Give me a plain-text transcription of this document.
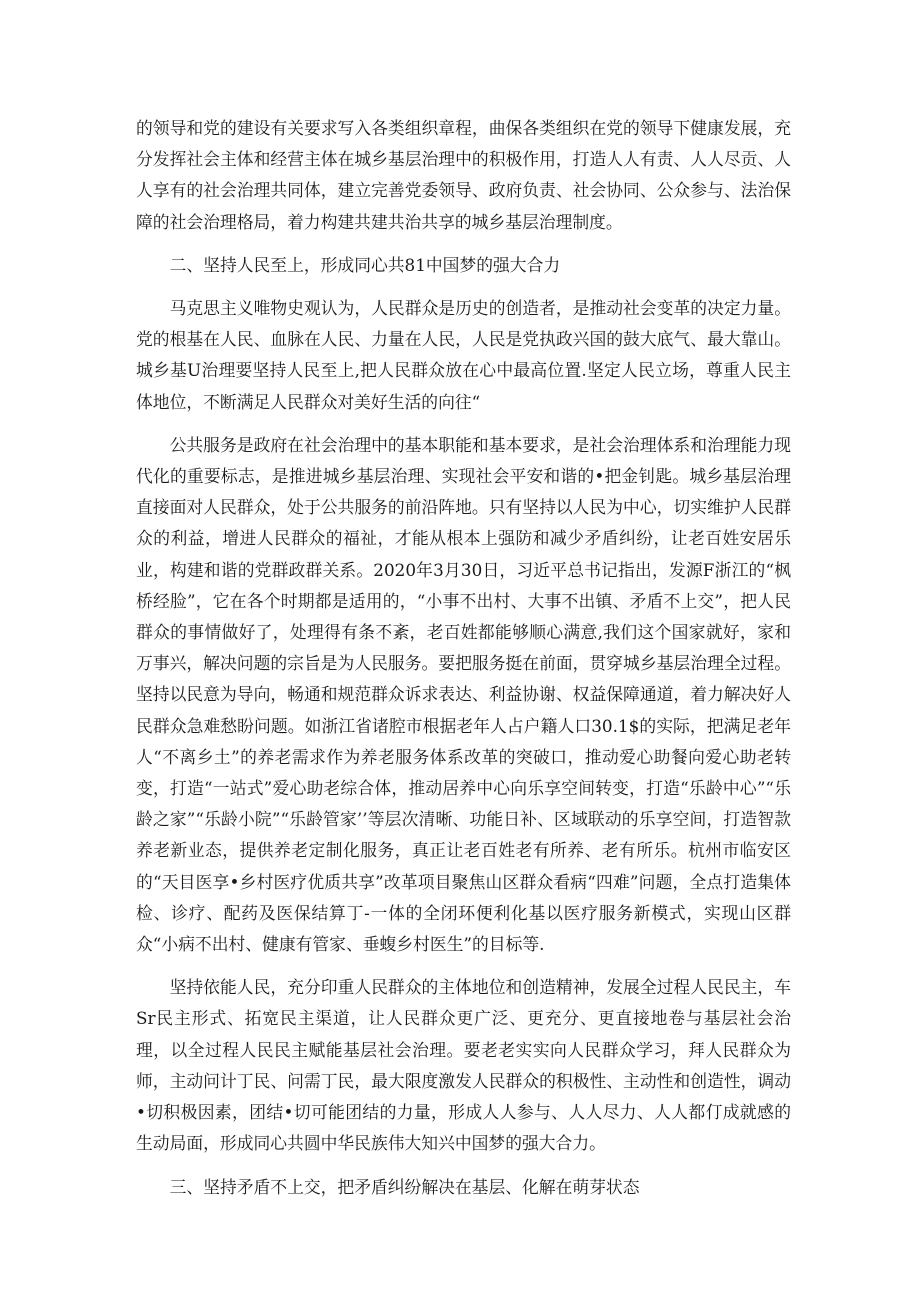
的领导和党的建设有关要求写入各类组织章程，曲保各类组织在党的领导下健康发展，充分发挥社会主体和经营主体在城乡基层治理中的积极作用，打造人人有责、人人尽贡、人人享有的社会治理共同体，建立完善党委领导、政府负责、社会协同、公众参与、法治保障的社会治理格局，着力构建共建共治共享的城乡基层治理制度。

二、坚持人民至上，形成同心共81中国梦的强大合力

马克思主义唯物史观认为，人民群众是历史的创造者，是推动社会变革的决定力量。党的根基在人民、血脉在人民、力量在人民，人民是党执政兴国的鼓大底气、最大靠山。城乡基U治理要坚持人民至上,把人民群众放在心中最高位置.坚定人民立场，尊重人民主体地位，不断满足人民群众对美好生活的向往“

公共服务是政府在社会治理中的基本职能和基本要求，是社会治理体系和治理能力现代化的重要标志，是推进城乡基层治理、实现社会平安和谐的•把金钊匙。城乡基层治理直接面对人民群众，处于公共服务的前沿阵地。只有坚持以人民为中心，切实维护人民群众的利益，增进人民群众的福祉，才能从根本上强防和减少矛盾纠纷，让老百姓安居乐业，构建和谐的党群政群关系。2020年3月30日，习近平总书记指出，发源F浙江的“枫桥经脸”，它在各个时期都是适用的，“小事不出村、大事不出镇、矛盾不上交”，把人民群众的事情做好了，处理得有条不紊，老百姓都能够顺心满意,我们这个国家就好，家和万事兴，解决问题的宗旨是为人民服务。要把服务挺在前面，贯穿城乡基层治理全过程。坚持以民意为导向，畅通和规范群众诉求表达、利益协谢、权益保障通道，着力解决好人民群众急难愁盼问题。如浙江省诸腔市根据老年人占户籍人口30.1$的实际，把满足老年人“不离乡土”的养老需求作为养老服务体系改革的突破口，推动爱心助餐向爱心助老转变，打造“一站式”爱心助老综合体，推动居养中心向乐享空间转变，打造“乐龄中心”“乐龄之家”“乐龄小院”“乐龄管家’’等层次清晰、功能日补、区域联动的乐享空间，打造智款养老新业态，提供养老定制化服务，真正让老百姓老有所养、老有所乐。杭州市临安区的“天目医享•乡村医疗优质共享”改革项目聚焦山区群众看病“四难”问题，全点打造集体检、诊疗、配药及医保结算丁-一体的全闭环便利化基以医疗服务新模式，实现山区群众“小病不出村、健康有管家、垂蝮乡村医生”的目标等.

坚持依能人民，充分印重人民群众的主体地位和创造精神，发展全过程人民民主，车Sr民主形式、拓宽民主渠道，让人民群众更广泛、更充分、更直接地卷与基层社会治理，以全过程人民民主赋能基层社会治理。要老老实实向人民群众学习，拜人民群众为师，主动问计丁民、问需丁民，最大限度激发人民群众的积极性、主动性和创造性，调动•切积极因素，团结•切可能团结的力量，形成人人参与、人人尽力、人人都仃成就感的生动局面，形成同心共圆中华民族伟大知兴中国梦的强大合力。

三、坚持矛盾不上交，把矛盾纠纷解决在基层、化解在萌芽状态
